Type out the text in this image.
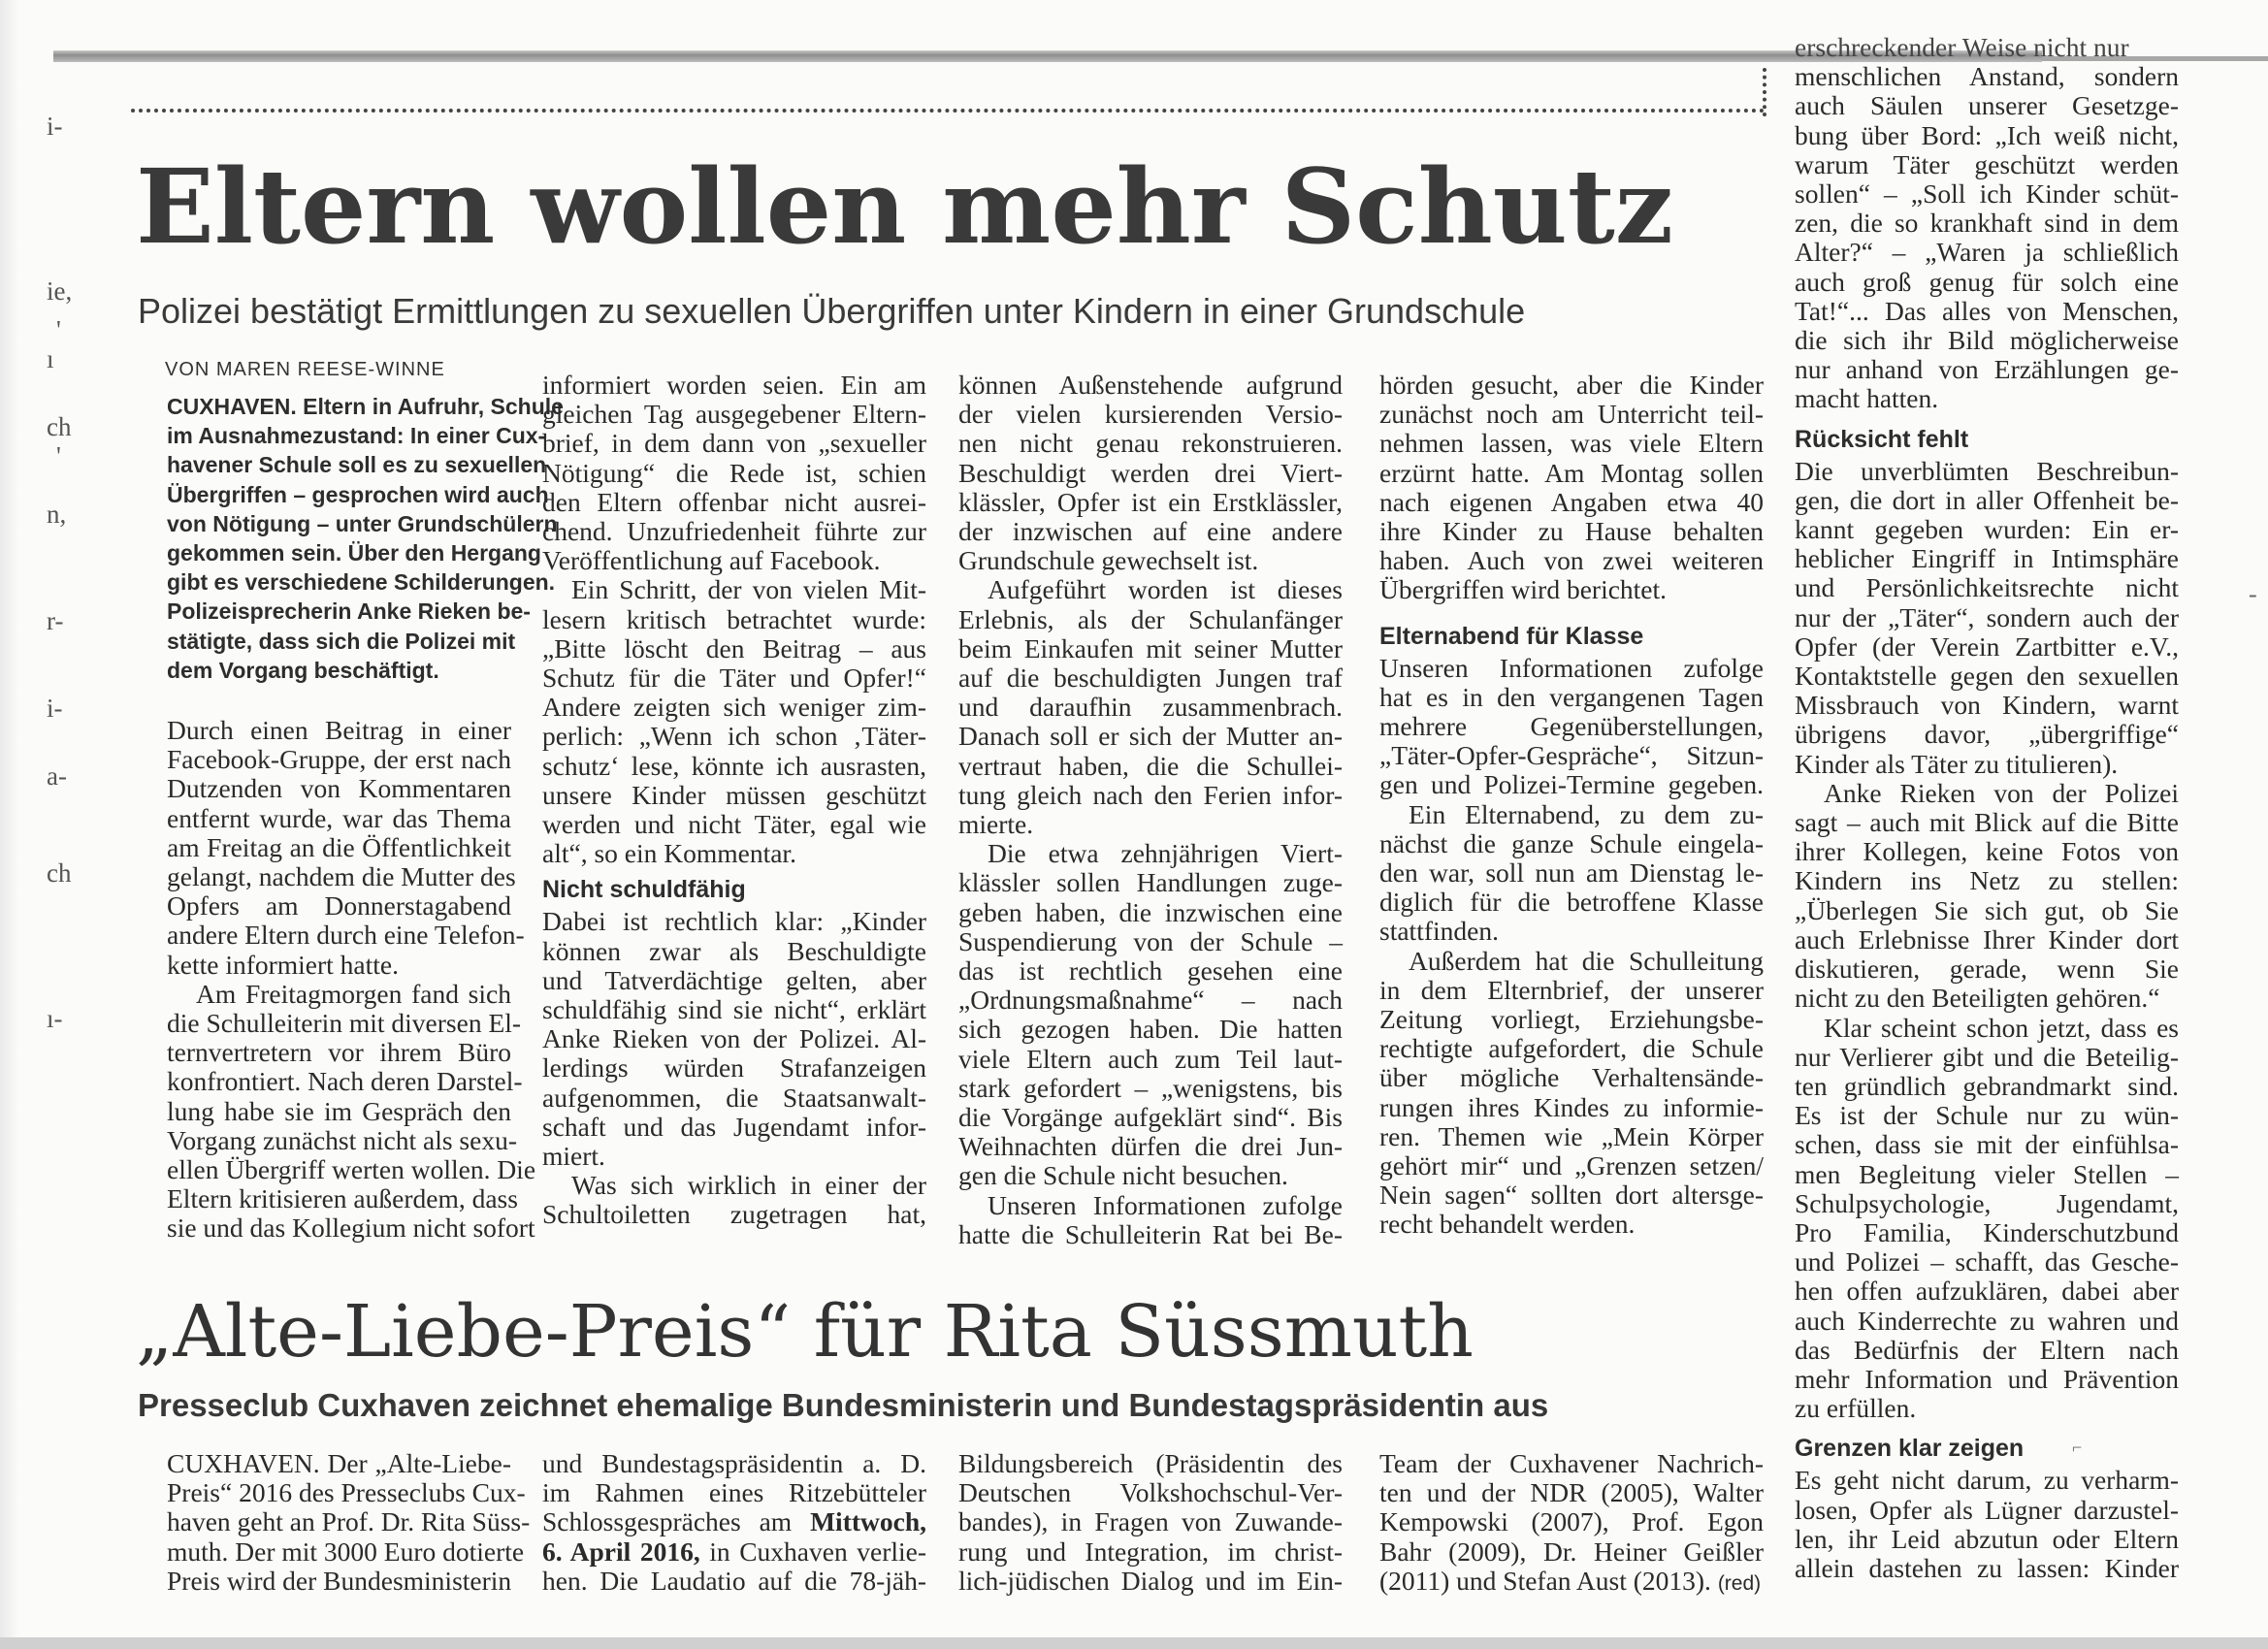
i-
ie,
ı
ch
n,
r-
i-
a-
ch
ı-
'
'
Eltern wollen mehr Schutz
Polizei bestätigt Ermittlungen zu sexuellen Übergriffen unter Kindern in einer Grundschule
VON MAREN REESE-WINNE
CUXHAVEN. Eltern in Aufruhr, Schule
im Ausnahmezustand: In einer Cux-
havener Schule soll es zu sexuellen
Übergriffen – gesprochen wird auch
von Nötigung – unter Grundschülern
gekommen sein. Über den Hergang
gibt es verschiedene Schilderungen.
Polizeisprecherin Anke Rieken be-
stätigte, dass sich die Polizei mit
dem Vorgang beschäftigt.
Durch einen Beitrag in einer
Facebook-Gruppe, der erst nach
Dutzenden von Kommentaren
entfernt wurde, war das Thema
am Freitag an die Öffentlichkeit
gelangt, nachdem die Mutter des
Opfers am Donnerstagabend
andere Eltern durch eine Telefon-
kette informiert hatte.
Am Freitagmorgen fand sich
die Schulleiterin mit diversen El-
ternvertretern vor ihrem Büro
konfrontiert. Nach deren Darstel-
lung habe sie im Gespräch den
Vorgang zunächst nicht als sexu-
ellen Übergriff werten wollen. Die
Eltern kritisieren außerdem, dass
sie und das Kollegium nicht sofort
informiert worden seien. Ein am
gleichen Tag ausgegebener Eltern-
brief, in dem dann von „sexueller
Nötigung“ die Rede ist, schien
den Eltern offenbar nicht ausrei-
chend. Unzufriedenheit führte zur
Veröffentlichung auf Facebook.
Ein Schritt, der von vielen Mit-
lesern kritisch betrachtet wurde:
„Bitte löscht den Beitrag – aus
Schutz für die Täter und Opfer!“
Andere zeigten sich weniger zim-
perlich: „Wenn ich schon ‚Täter-
schutz‘ lese, könnte ich ausrasten,
unsere Kinder müssen geschützt
werden und nicht Täter, egal wie
alt“, so ein Kommentar.
Nicht schuldfähig
Dabei ist rechtlich klar: „Kinder
können zwar als Beschuldigte
und Tatverdächtige gelten, aber
schuldfähig sind sie nicht“, erklärt
Anke Rieken von der Polizei. Al-
lerdings würden Strafanzeigen
aufgenommen, die Staatsanwalt-
schaft und das Jugendamt infor-
miert.
Was sich wirklich in einer der
Schultoiletten zugetragen hat,
können Außenstehende aufgrund
der vielen kursierenden Versio-
nen nicht genau rekonstruieren.
Beschuldigt werden drei Viert-
klässler, Opfer ist ein Erstklässler,
der inzwischen auf eine andere
Grundschule gewechselt ist.
Aufgeführt worden ist dieses
Erlebnis, als der Schulanfänger
beim Einkaufen mit seiner Mutter
auf die beschuldigten Jungen traf
und daraufhin zusammenbrach.
Danach soll er sich der Mutter an-
vertraut haben, die die Schullei-
tung gleich nach den Ferien infor-
mierte.
Die etwa zehnjährigen Viert-
klässler sollen Handlungen zuge-
geben haben, die inzwischen eine
Suspendierung von der Schule –
das ist rechtlich gesehen eine
„Ordnungsmaßnahme“ – nach
sich gezogen haben. Die hatten
viele Eltern auch zum Teil laut-
stark gefordert – „wenigstens, bis
die Vorgänge aufgeklärt sind“. Bis
Weihnachten dürfen die drei Jun-
gen die Schule nicht besuchen.
Unseren Informationen zufolge
hatte die Schulleiterin Rat bei Be-
hörden gesucht, aber die Kinder
zunächst noch am Unterricht teil-
nehmen lassen, was viele Eltern
erzürnt hatte. Am Montag sollen
nach eigenen Angaben etwa 40
ihre Kinder zu Hause behalten
haben. Auch von zwei weiteren
Übergriffen wird berichtet.
Elternabend für Klasse
Unseren Informationen zufolge
hat es in den vergangenen Tagen
mehrere Gegenüberstellungen,
„Täter-Opfer-Gespräche“, Sitzun-
gen und Polizei-Termine gegeben.
Ein Elternabend, zu dem zu-
nächst die ganze Schule eingela-
den war, soll nun am Dienstag le-
diglich für die betroffene Klasse
stattfinden.
Außerdem hat die Schulleitung
in dem Elternbrief, der unserer
Zeitung vorliegt, Erziehungsbe-
rechtigte aufgefordert, die Schule
über mögliche Verhaltensände-
rungen ihres Kindes zu informie-
ren. Themen wie „Mein Körper
gehört mir“ und „Grenzen setzen/
Nein sagen“ sollten dort altersge-
recht behandelt werden.
erschreckender Weise nicht nur
menschlichen Anstand, sondern
auch Säulen unserer Gesetzge-
bung über Bord: „Ich weiß nicht,
warum Täter geschützt werden
sollen“ – „Soll ich Kinder schüt-
zen, die so krankhaft sind in dem
Alter?“ – „Waren ja schließlich
auch groß genug für solch eine
Tat!“... Das alles von Menschen,
die sich ihr Bild möglicherweise
nur anhand von Erzählungen ge-
macht hatten.
Rücksicht fehlt
Die unverblümten Beschreibun-
gen, die dort in aller Offenheit be-
kannt gegeben wurden: Ein er-
heblicher Eingriff in Intimsphäre
und Persönlichkeitsrechte nicht
nur der „Täter“, sondern auch der
Opfer (der Verein Zartbitter e.V.,
Kontaktstelle gegen den sexuellen
Missbrauch von Kindern, warnt
übrigens davor, „übergriffige“
Kinder als Täter zu titulieren).
Anke Rieken von der Polizei
sagt – auch mit Blick auf die Bitte
ihrer Kollegen, keine Fotos von
Kindern ins Netz zu stellen:
„Überlegen Sie sich gut, ob Sie
auch Erlebnisse Ihrer Kinder dort
diskutieren, gerade, wenn Sie
nicht zu den Beteiligten gehören.“
Klar scheint schon jetzt, dass es
nur Verlierer gibt und die Beteilig-
ten gründlich gebrandmarkt sind.
Es ist der Schule nur zu wün-
schen, dass sie mit der einfühlsa-
men Begleitung vieler Stellen –
Schulpsychologie, Jugendamt,
Pro Familia, Kinderschutzbund
und Polizei – schafft, das Gesche-
hen offen aufzuklären, dabei aber
auch Kinderrechte zu wahren und
das Bedürfnis der Eltern nach
mehr Information und Prävention
zu erfüllen.
Grenzen klar zeigen
Es geht nicht darum, zu verharm-
losen, Opfer als Lügner darzustel-
len, ihr Leid abzutun oder Eltern
allein dastehen zu lassen: Kinder
„Alte-Liebe-Preis“ für Rita Süssmuth
Presseclub Cuxhaven zeichnet ehemalige Bundesministerin und Bundestagspräsidentin aus
CUXHAVEN. Der „Alte-Liebe-
Preis“ 2016 des Presseclubs Cux-
haven geht an Prof. Dr. Rita Süss-
muth. Der mit 3000 Euro dotierte
Preis wird der Bundesministerin
und Bundestagspräsidentin a. D.
im Rahmen eines Ritzebütteler
Schlossgespräches am Mittwoch,
6. April 2016, in Cuxhaven verlie-
hen. Die Laudatio auf die 78-jäh-
Bildungsbereich (Präsidentin des
Deutschen Volkshochschul-Ver-
bandes), in Fragen von Zuwande-
rung und Integration, im christ-
lich-jüdischen Dialog und im Ein-
Team der Cuxhavener Nachrich-
ten und der NDR (2005), Walter
Kempowski (2007), Prof. Egon
Bahr (2009), Dr. Heiner Geißler
(2011) und Stefan Aust (2013). (red)
-
⌐
